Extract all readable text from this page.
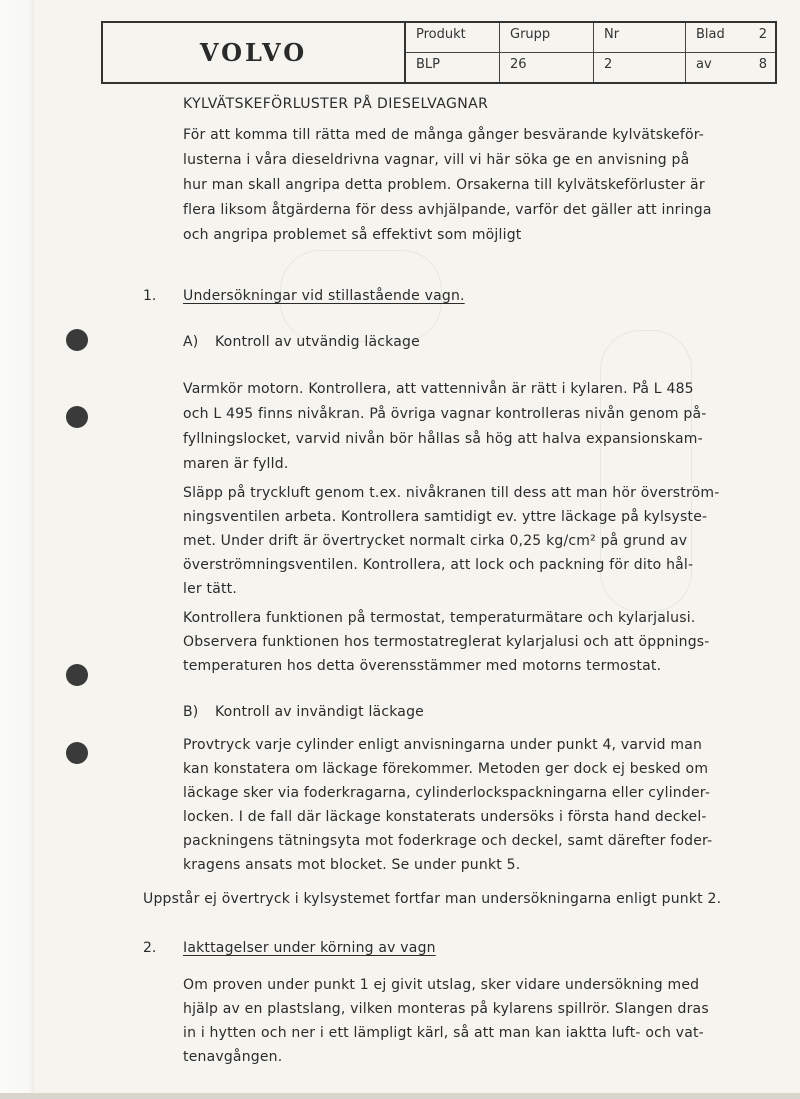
VOLVO
Produkt
BLP
Grupp
26
Nr
2
Blad	2
av	8
KYLVÄTSKEFÖRLUSTER PÅ DIESELVAGNAR
För att komma till rätta med de många gånger besvärande kylvätskeför-
lusterna i våra dieseldrivna vagnar, vill vi här söka ge en anvisning på
hur man skall angripa detta problem. Orsakerna till kylvätskeförluster är
flera liksom åtgärderna för dess avhjälpande, varför det gäller att inringa
och angripa problemet så effektivt som möjligt
1. Undersökningar vid stillastående vagn.
A) Kontroll av utvändig läckage
Varmkör motorn. Kontrollera, att vattennivån är rätt i kylaren. På L 485
och L 495 finns nivåkran. På övriga vagnar kontrolleras nivån genom på-
fyllningslocket, varvid nivån bör hållas så hög att halva expansionskam-
maren är fylld.
Släpp på tryckluft genom t.ex. nivåkranen till dess att man hör överström-
ningsventilen arbeta. Kontrollera samtidigt ev. yttre läckage på kylsyste-
met. Under drift är övertrycket normalt cirka 0,25 kg/cm² på grund av
överströmningsventilen. Kontrollera, att lock och packning för dito hål-
ler tätt.
Kontrollera funktionen på termostat, temperaturmätare och kylarjalusi.
Observera funktionen hos termostatreglerat kylarjalusi och att öppnings-
temperaturen hos detta överensstämmer med motorns termostat.
B) Kontroll av invändigt läckage
Provtryck varje cylinder enligt anvisningarna under punkt 4, varvid man
kan konstatera om läckage förekommer. Metoden ger dock ej besked om
läckage sker via foderkragarna, cylinderlockspackningarna eller cylinder-
locken. I de fall där läckage konstaterats undersöks i första hand deckel-
packningens tätningsyta mot foderkrage och deckel, samt därefter foder-
kragens ansats mot blocket. Se under punkt 5.
Uppstår ej övertryck i kylsystemet fortfar man undersökningarna enligt punkt 2.
2. Iakttagelser under körning av vagn
Om proven under punkt 1 ej givit utslag, sker vidare undersökning med
hjälp av en plastslang, vilken monteras på kylarens spillrör. Slangen dras
in i hytten och ner i ett lämpligt kärl, så att man kan iaktta luft- och vat-
tenavgången.
